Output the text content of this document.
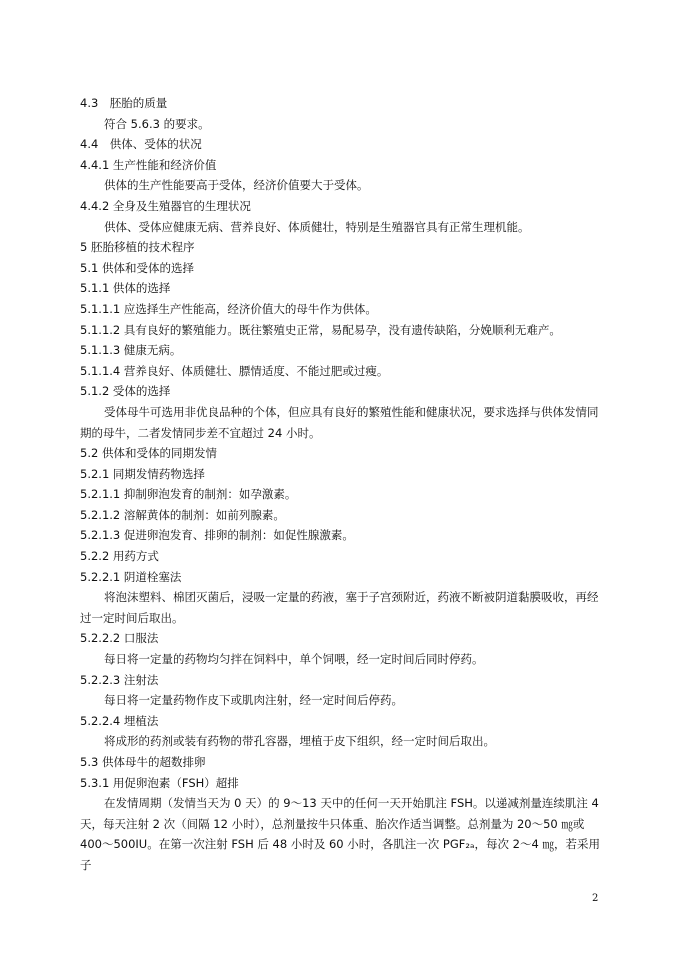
4.3　胚胎的质量
符合 5.6.3 的要求。
4.4　供体、受体的状况
4.4.1 生产性能和经济价值
供体的生产性能要高于受体，经济价值要大于受体。
4.4.2 全身及生殖器官的生理状况
供体、受体应健康无病、营养良好、体质健壮，特别是生殖器官具有正常生理机能。
5 胚胎移植的技术程序
5.1 供体和受体的选择
5.1.1 供体的选择
5.1.1.1 应选择生产性能高，经济价值大的母牛作为供体。
5.1.1.2 具有良好的繁殖能力。既往繁殖史正常，易配易孕，没有遗传缺陷，分娩顺利无难产。
5.1.1.3 健康无病。
5.1.1.4 营养良好、体质健壮、膘情适度、不能过肥或过瘦。
5.1.2 受体的选择
受体母牛可选用非优良品种的个体，但应具有良好的繁殖性能和健康状况，要求选择与供体发情同期的母牛，二者发情同步差不宜超过 24 小时。
5.2 供体和受体的同期发情
5.2.1 同期发情药物选择
5.2.1.1 抑制卵泡发育的制剂：如孕激素。
5.2.1.2 溶解黄体的制剂：如前列腺素。
5.2.1.3 促进卵泡发育、排卵的制剂：如促性腺激素。
5.2.2 用药方式
5.2.2.1 阴道栓塞法
将泡沫塑料、棉团灭菌后，浸吸一定量的药液，塞于子宫颈附近，药液不断被阴道黏膜吸收，再经过一定时间后取出。
5.2.2.2 口服法
每日将一定量的药物均匀拌在饲料中，单个饲喂，经一定时间后同时停药。
5.2.2.3 注射法
每日将一定量药物作皮下或肌肉注射，经一定时间后停药。
5.2.2.4 埋植法
将成形的药剂或装有药物的带孔容器，埋植于皮下组织，经一定时间后取出。
5.3 供体母牛的超数排卵
5.3.1 用促卵泡素（FSH）超排
在发情周期（发情当天为 0 天）的 9～13 天中的任何一天开始肌注 FSH。以递减剂量连续肌注 4 天，每天注射 2 次（间隔 12 小时），总剂量按牛只体重、胎次作适当调整。总剂量为 20～50 ㎎或 400～500IU。在第一次注射 FSH 后 48 小时及 60 小时，各肌注一次 PGF₂ₐ，每次 2～4 ㎎，若采用子
2
